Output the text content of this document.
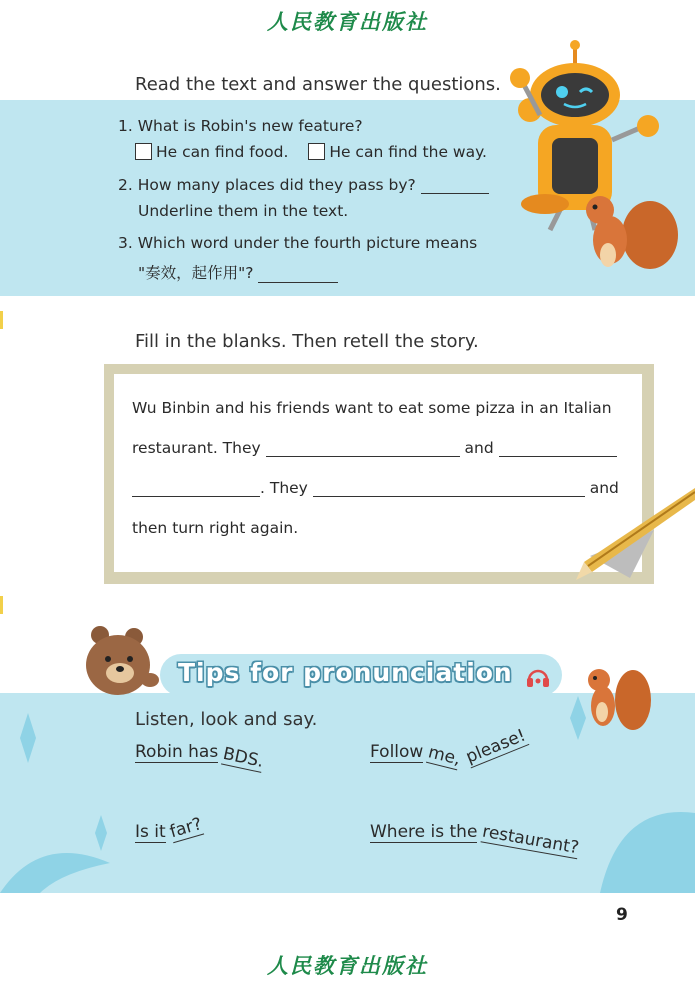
人民教育出版社
Read the text and answer the questions.
1. What is Robin's new feature?
He can find food.	He can find the way.
2. How many places did they pass by?
Underline them in the text.
3. Which word under the fourth picture means
"奏效，起作用"?
Fill in the blanks. Then retell the story.
Wu Binbin and his friends want to eat some pizza in an Italian
restaurant. They	and
. They	and
then turn right again.
Tips for pronunciation
Listen, look and say.
Robin has BDS.	Follow me, please!
Is it far?	Where is the restaurant?
9
人民教育出版社
